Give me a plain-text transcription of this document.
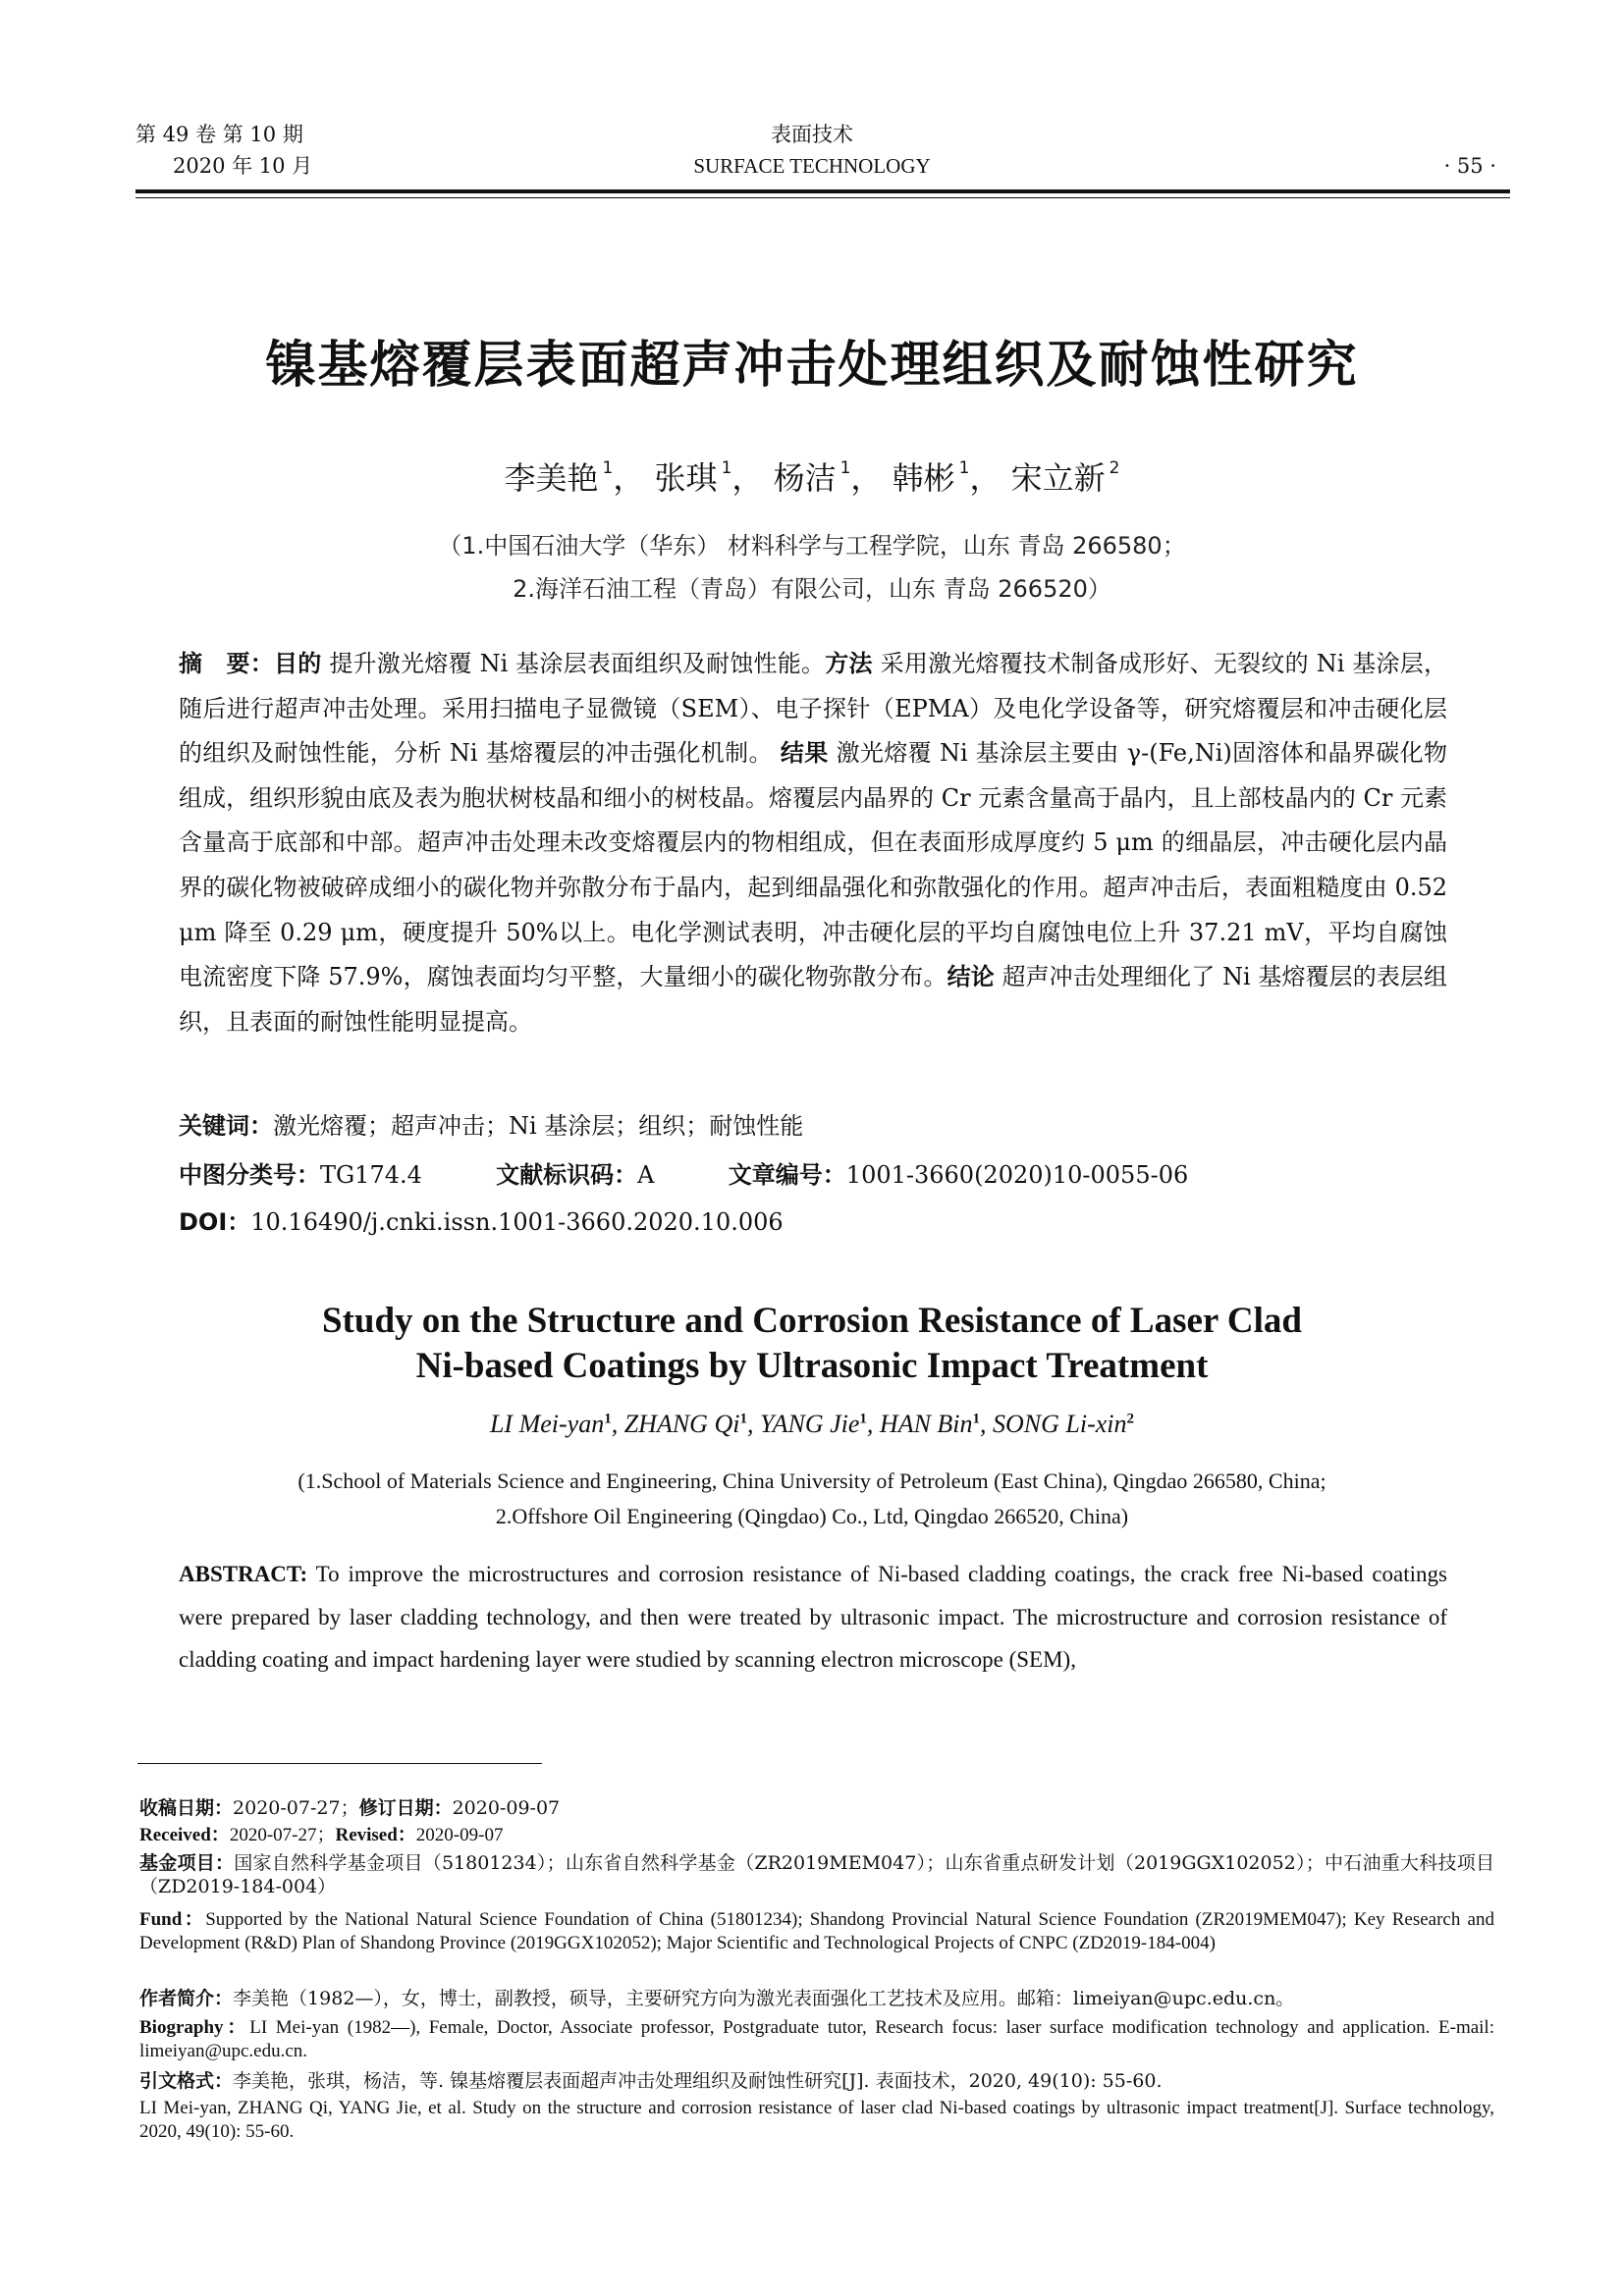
第 49 卷 第 10 期
2020 年 10 月
表面技术
SURFACE TECHNOLOGY	· 55 ·
镍基熔覆层表面超声冲击处理组织及耐蚀性研究
李美艳 $^1$， 张琪 $^1$， 杨洁 $^1$， 韩彬 $^1$， 宋立新 $^2$
（1.中国石油大学（华东） 材料科学与工程学院，山东 青岛 266580；
2.海洋石油工程（青岛）有限公司，山东 青岛 266520）
摘　要：目的 提升激光熔覆 Ni 基涂层表面组织及耐蚀性能。方法 采用激光熔覆技术制备成形好、无裂纹的 Ni 基涂层，随后进行超声冲击处理。采用扫描电子显微镜（SEM）、电子探针（EPMA）及电化学设备等，研究熔覆层和冲击硬化层的组织及耐蚀性能，分析 Ni 基熔覆层的冲击强化机制。 结果 激光熔覆 Ni 基涂层主要由 γ-(Fe,Ni)固溶体和晶界碳化物组成，组织形貌由底及表为胞状树枝晶和细小的树枝晶。熔覆层内晶界的 Cr 元素含量高于晶内，且上部枝晶内的 Cr 元素含量高于底部和中部。超声冲击处理未改变熔覆层内的物相组成，但在表面形成厚度约 5 μm 的细晶层，冲击硬化层内晶界的碳化物被破碎成细小的碳化物并弥散分布于晶内，起到细晶强化和弥散强化的作用。超声冲击后，表面粗糙度由 0.52 μm 降至 0.29 μm，硬度提升 50%以上。电化学测试表明，冲击硬化层的平均自腐蚀电位上升 37.21 mV，平均自腐蚀电流密度下降 57.9%，腐蚀表面均匀平整，大量细小的碳化物弥散分布。结论 超声冲击处理细化了 Ni 基熔覆层的表层组织，且表面的耐蚀性能明显提高。
关键词：激光熔覆；超声冲击；Ni 基涂层；组织；耐蚀性能
中图分类号：TG174.4	文献标识码：A	文章编号：1001-3660(2020)10-0055-06
DOI：10.16490/j.cnki.issn.1001-3660.2020.10.006
Study on the Structure and Corrosion Resistance of Laser Clad
Ni-based Coatings by Ultrasonic Impact Treatment
LI Mei-yan$^1$, ZHANG Qi$^1$, YANG Jie$^1$, HAN Bin$^1$, SONG Li-xin$^2$
(1.School of Materials Science and Engineering, China University of Petroleum (East China), Qingdao 266580, China;
2.Offshore Oil Engineering (Qingdao) Co., Ltd, Qingdao 266520, China)
ABSTRACT: To improve the microstructures and corrosion resistance of Ni-based cladding coatings, the crack free Ni-based coatings were prepared by laser cladding technology, and then were treated by ultrasonic impact. The microstructure and corrosion resistance of cladding coating and impact hardening layer were studied by scanning electron microscope (SEM),
收稿日期：2020-07-27；修订日期：2020-09-07
Received：2020-07-27；Revised：2020-09-07
基金项目：国家自然科学基金项目（51801234）；山东省自然科学基金（ZR2019MEM047）；山东省重点研发计划（2019GGX102052）；中石油重大科技项目（ZD2019-184-004）
Fund：Supported by the National Natural Science Foundation of China (51801234); Shandong Provincial Natural Science Foundation (ZR2019MEM047); Key Research and Development (R&D) Plan of Shandong Province (2019GGX102052); Major Scientific and Technological Projects of CNPC (ZD2019-184-004)
作者简介：李美艳（1982—），女，博士，副教授，硕导，主要研究方向为激光表面强化工艺技术及应用。邮箱：limeiyan@upc.edu.cn。
Biography：LI Mei-yan (1982—), Female, Doctor, Associate professor, Postgraduate tutor, Research focus: laser surface modification technology and application. E-mail: limeiyan@upc.edu.cn.
引文格式：李美艳，张琪，杨洁，等. 镍基熔覆层表面超声冲击处理组织及耐蚀性研究[J]. 表面技术，2020, 49(10): 55-60.
LI Mei-yan, ZHANG Qi, YANG Jie, et al. Study on the structure and corrosion resistance of laser clad Ni-based coatings by ultrasonic impact treatment[J]. Surface technology, 2020, 49(10): 55-60.
